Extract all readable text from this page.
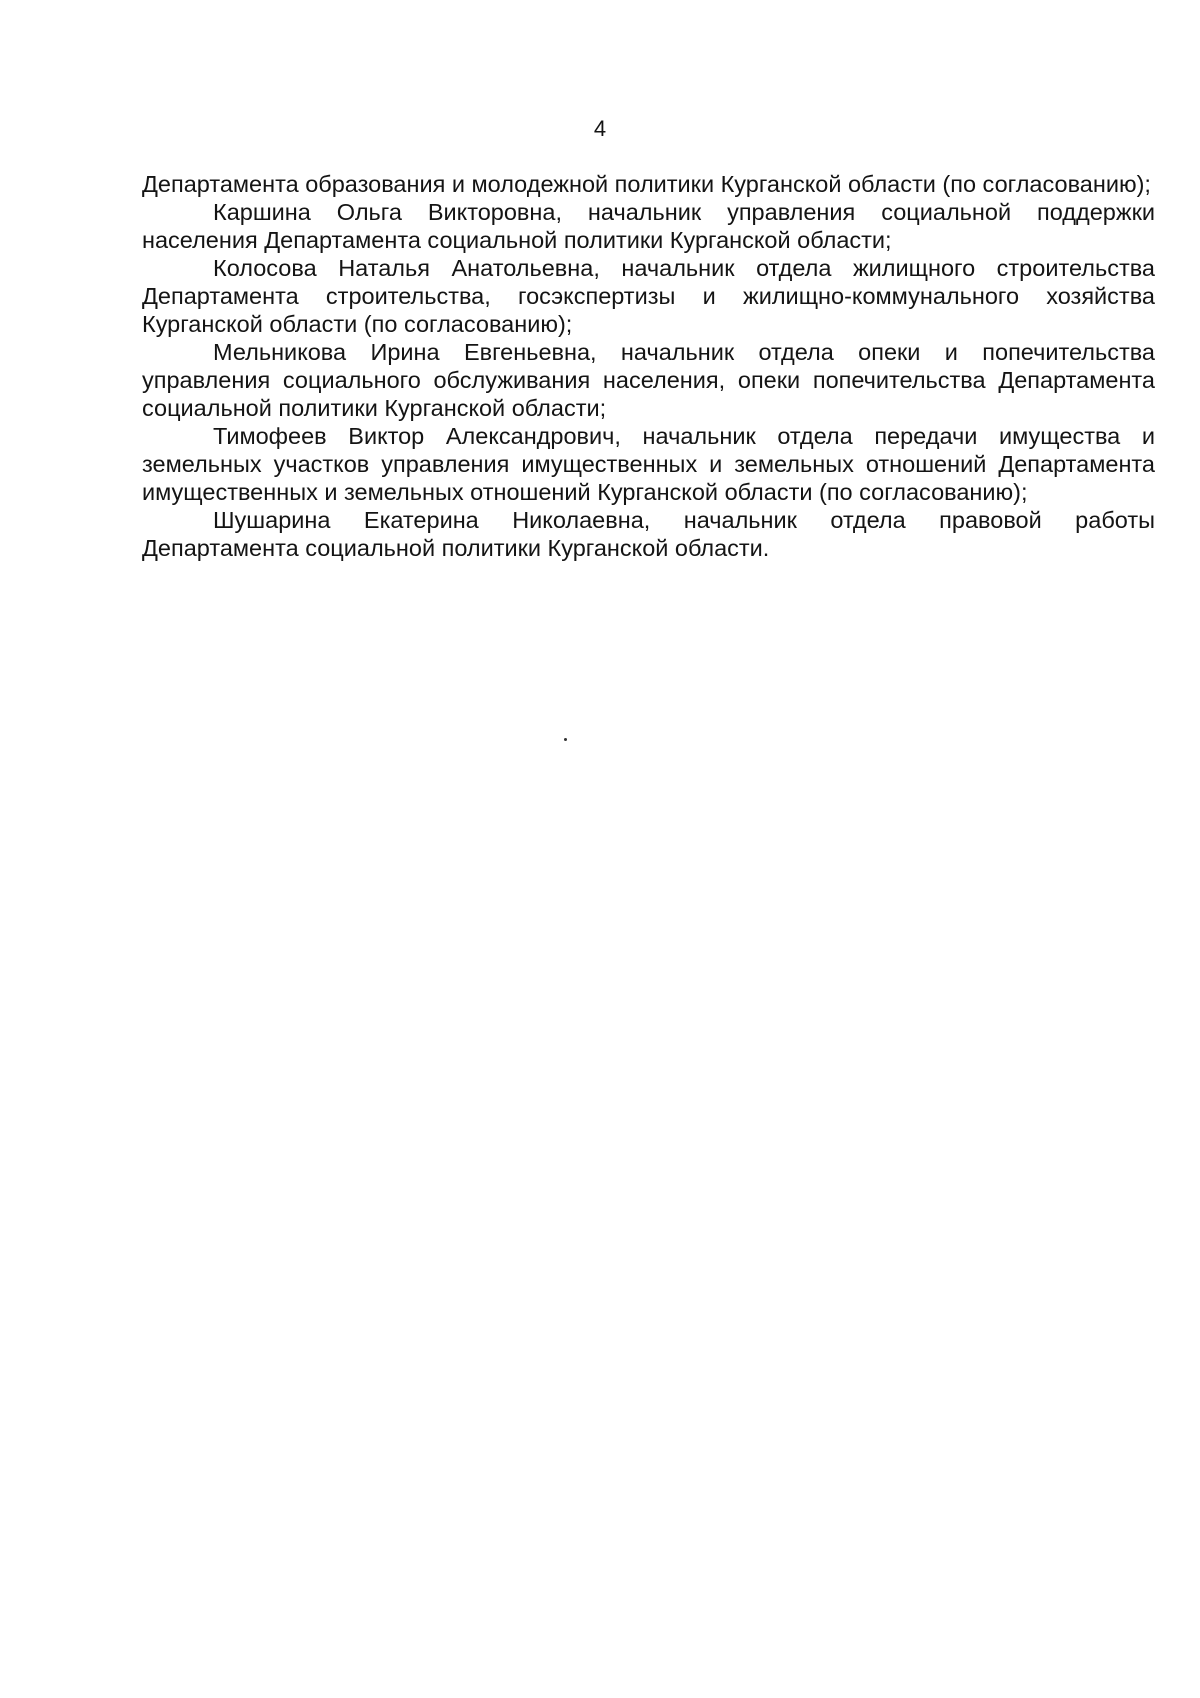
4

Департамента образования и молодежной политики Курганской области (по согласованию);

Каршина Ольга Викторовна, начальник управления социальной поддержки населения Департамента социальной политики Курганской области;

Колосова Наталья Анатольевна, начальник отдела жилищного строительства Департамента строительства, госэкспертизы и жилищно-коммунального хозяйства Курганской области (по согласованию);

Мельникова Ирина Евгеньевна, начальник отдела опеки и попечительства управления социального обслуживания населения, опеки попечительства Департамента социальной политики Курганской области;

Тимофеев Виктор Александрович, начальник отдела передачи имущества и земельных участков управления имущественных и земельных отношений Департамента имущественных и земельных отношений Курганской области (по согласованию);

Шушарина Екатерина Николаевна, начальник отдела правовой работы Департамента социальной политики Курганской области.
